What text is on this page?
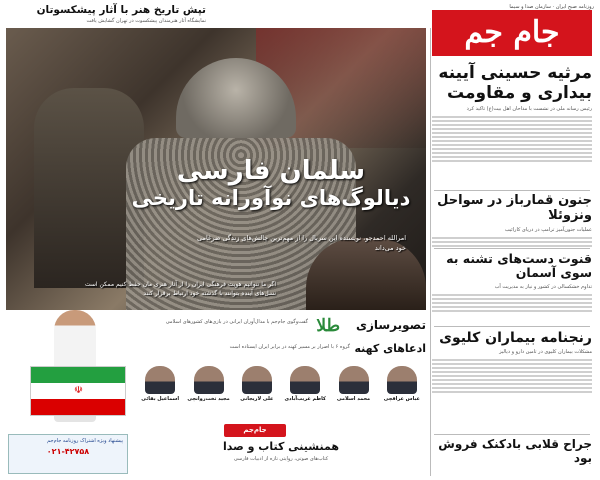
تپش تاریخ هنر با آثار پیشکسوتان
نمایشگاه آثار هنرمندان پیشکسوت در تهران گشایش یافت
سلمان فارسی
دیالوگ‌های نوآورانه تاریخی
امرالله احمدجو، نویسنده این سریال را از مهم‌ترین چالش‌های زندگی ضرغامی خود می‌داند
اگر ما نتوانیم هویت فرهنگی ایران را از آثار هنری مان حفظ کنیم ممکن است نسل‌های آینده بتوانند با گذشته خود ارتباط برقرار کنند
روزنامه صبح ایران · سازمان صدا و سیما
جام جم
مرثیه حسینی آیینه بیداری و مقاومت
رئیس رسانه ملی در نشست با مداحان اهل بیت(ع) تاکید کرد
جنون قمارباز در سواحل ونزوئلا
عملیات جنون‌آمیز ترامپ در دریای کارائیب
قنوت دست‌های تشنه به سوی آسمان
تداوم خشکسالی در کشور و نیاز به مدیریت آب
رنجنامه بیماران کلیوی
مشکلات بیماران کلیوی در تامین دارو و دیالیز
جراح قلابی بادکنک فروش بود
تصویرسازی
طلا
گفت‌وگوی جام‌جم با مدال‌آوران ایرانی در بازی‌های کشورهای اسلامی
☫
ادعاهای کهنه
گروه ۶ با اصرار بر مسیر کهنه در برابر ایران ایستاده است
عباس عراقچی
محمد اسلامی
کاظم غریب‌آبادی
علی لاریجانی
مجید تخت‌روانچی
اسماعیل بقائی
پیشنهاد ویژه اشتراک روزنامه جام‌جم
۰۲۱-۴۲۷۵۸
جام‌جم
همنشینی کتاب و صدا
کتاب‌های صوتی، روایتی تازه از ادبیات فارسی
